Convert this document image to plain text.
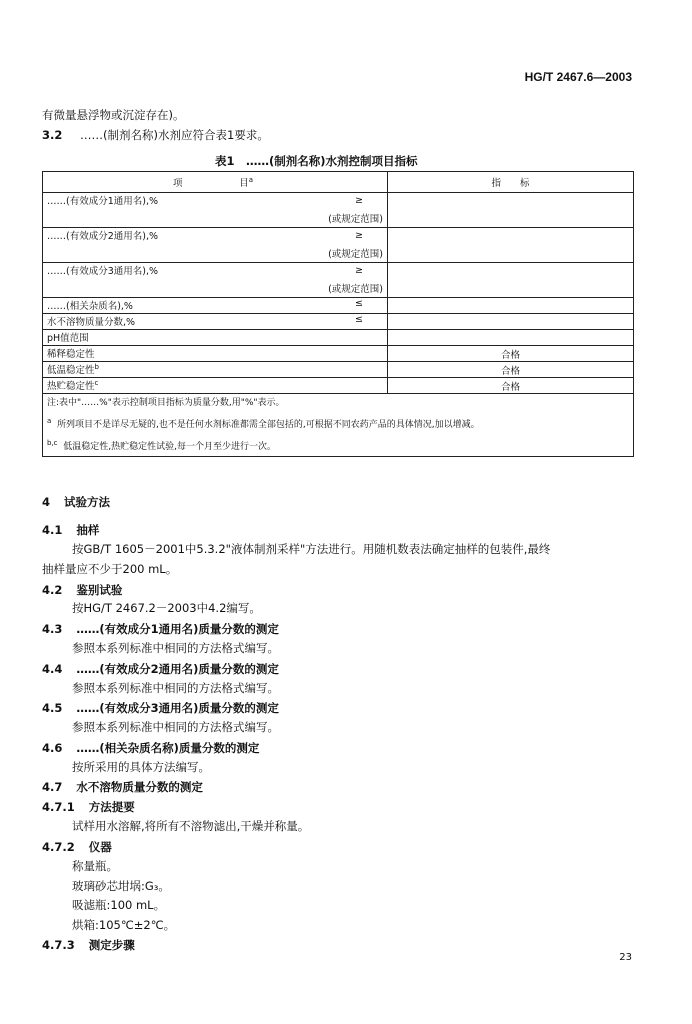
HG/T 2467.6—2003
有微量悬浮物或沉淀存在)。
3.2 ……(制剂名称)水剂应符合表1要求。
表1　……(制剂名称)水剂控制项目指标
项 目$^a$	指　　标
……(有效成分1通用名),% ≥
(或规定范围)	

……(有效成分2通用名),% ≥
(或规定范围)	

……(有效成分3通用名),% ≥
(或规定范围)	

……(相关杂质名),% ≤	

水不溶物质量分数,% ≤	

pH值范围	
稀释稳定性	合格
低温稳定性$^b$	合格
热贮稳定性$^c$	合格

注:表中"……%"表示控制项目指标为质量分数,用"%"表示。
$^a$ 所列项目不是详尽无疑的,也不是任何水剂标准都需全部包括的,可根据不同农药产品的具体情况,加以增减。
$^{b,c}$ 低温稳定性,热贮稳定性试验,每一个月至少进行一次。	
4 试验方法
4.1 抽样
按GB/T 1605－2001中5.3.2"液体制剂采样"方法进行。用随机数表法确定抽样的包装件,最终
抽样量应不少于200 mL。
4.2 鉴别试验
按HG/T 2467.2－2003中4.2编写。
4.3 ……(有效成分1通用名)质量分数的测定
参照本系列标准中相同的方法格式编写。
4.4 ……(有效成分2通用名)质量分数的测定
参照本系列标准中相同的方法格式编写。
4.5 ……(有效成分3通用名)质量分数的测定
参照本系列标准中相同的方法格式编写。
4.6 ……(相关杂质名称)质量分数的测定
按所采用的具体方法编写。
4.7 水不溶物质量分数的测定
4.7.1 方法提要
试样用水溶解,将所有不溶物滤出,干燥并称量。
4.7.2 仪器
称量瓶。
玻璃砂芯坩埚:G₃。
吸滤瓶:100 mL。
烘箱:105℃±2℃。
4.7.3 测定步骤
23
